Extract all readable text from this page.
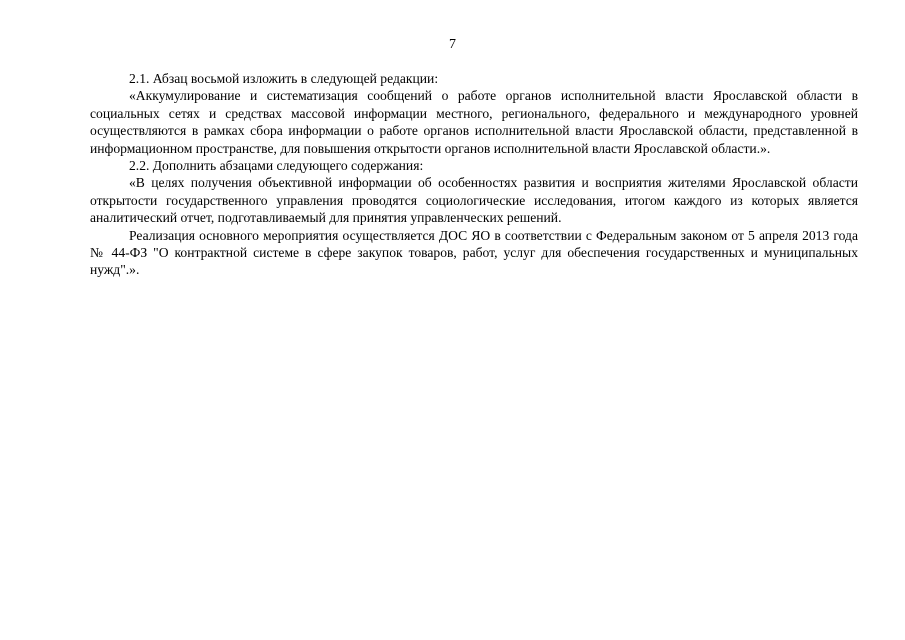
7

2.1. Абзац восьмой изложить в следующей редакции:

«Аккумулирование и систематизация сообщений о работе органов исполнительной власти Ярославской области в социальных сетях и средствах массовой информации местного, регионального, федерального и международного уровней осуществляются в рамках сбора информации о работе органов исполнительной власти Ярославской области, представленной в информационном пространстве, для повышения открытости органов исполнительной власти Ярославской области.».

2.2. Дополнить абзацами следующего содержания:

«В целях получения объективной информации об особенностях развития и восприятия жителями Ярославской области открытости государственного управления проводятся социологические исследования, итогом каждого из которых является аналитический отчет, подготавливаемый для принятия управленческих решений.

Реализация основного мероприятия осуществляется ДОС ЯО в соответствии с Федеральным законом от 5 апреля 2013 года № 44-ФЗ "О контрактной системе в сфере закупок товаров, работ, услуг для обеспечения государственных и муниципальных нужд".».
